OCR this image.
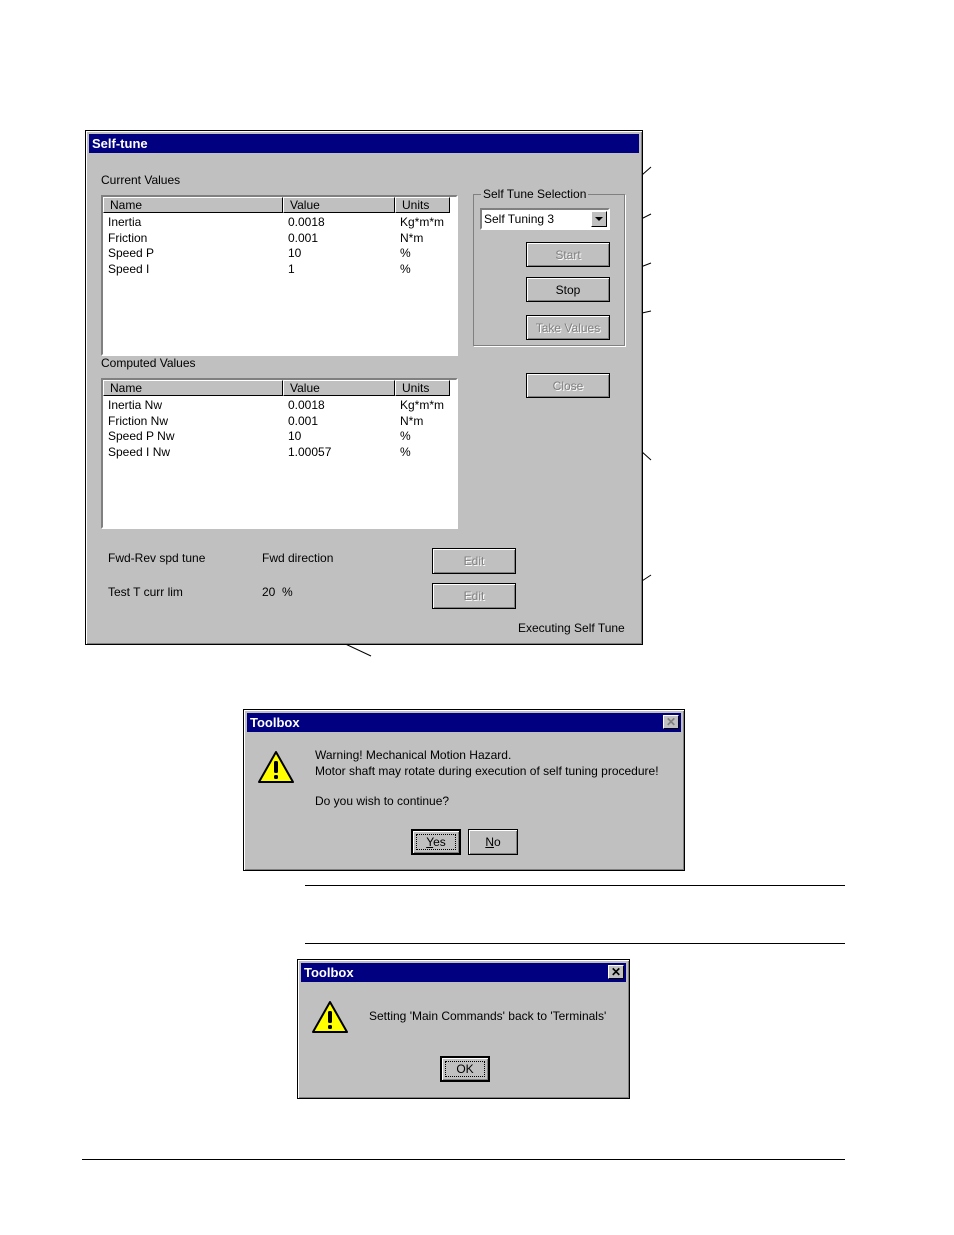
Self-tune
Current Values
Name	Value	Units
Inertia	0.0018	Kg*m*m
Friction	0.001	N*m
Speed P	10	%
Speed I	1	%
Computed Values
Name	Value	Units
Inertia Nw	0.0018	Kg*m*m
Friction Nw	0.001	N*m
Speed P Nw	10	%
Speed I Nw	1.00057	%
Self Tune Selection
Self Tuning 3
Start
Stop
Take Values
Close
Fwd-Rev spd tune	Fwd direction	Edit
Test T curr lim	20  %	Edit
Executing Self Tune
Toolbox	✕
Warning! Mechanical Motion Hazard.
Motor shaft may rotate during execution of self tuning procedure!
Do you wish to continue?
Yes	No
Toolbox	✕
Setting 'Main Commands' back to 'Terminals'
OK
